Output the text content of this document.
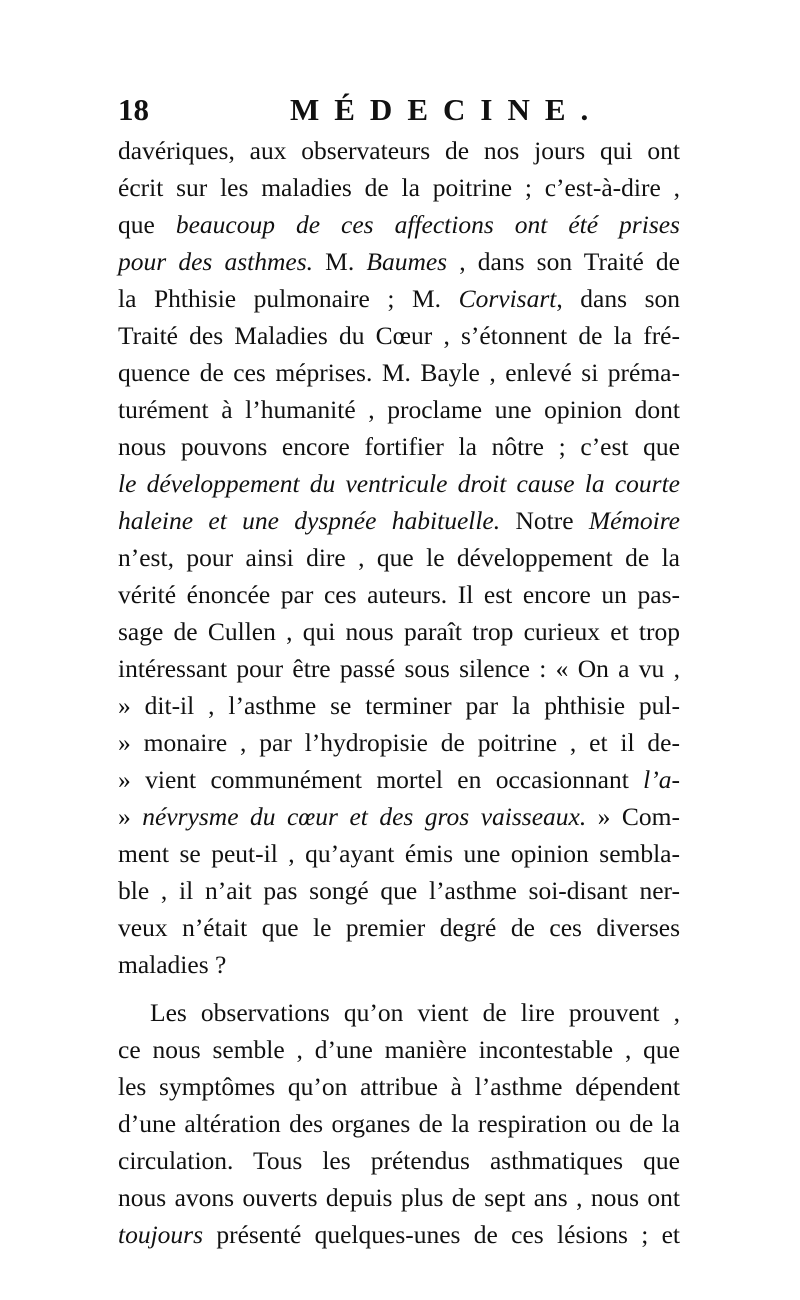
18	MÉDECINE.
davériques, aux observateurs de nos jours qui ont
écrit sur les maladies de la poitrine ; c’est-à-dire ,
que beaucoup de ces affections ont été prises
pour des asthmes. M. Baumes , dans son Traité de
la Phthisie pulmonaire ; M. Corvisart, dans son
Traité des Maladies du Cœur , s’étonnent de la fré-
quence de ces méprises. M. Bayle , enlevé si préma-
turément à l’humanité , proclame une opinion dont
nous pouvons encore fortifier la nôtre ; c’est que
le développement du ventricule droit cause la courte
haleine et une dyspnée habituelle. Notre Mémoire
n’est, pour ainsi dire , que le développement de la
vérité énoncée par ces auteurs. Il est encore un pas-
sage de Cullen , qui nous paraît trop curieux et trop
intéressant pour être passé sous silence : « On a vu ,
» dit-il , l’asthme se terminer par la phthisie pul-
» monaire , par l’hydropisie de poitrine , et il de-
» vient communément mortel en occasionnant l’a-
» névrysme du cœur et des gros vaisseaux. » Com-
ment se peut-il , qu’ayant émis une opinion sembla-
ble , il n’ait pas songé que l’asthme soi-disant ner-
veux n’était que le premier degré de ces diverses
maladies ?
Les observations qu’on vient de lire prouvent ,
ce nous semble , d’une manière incontestable , que
les symptômes qu’on attribue à l’asthme dépendent
d’une altération des organes de la respiration ou de la
circulation. Tous les prétendus asthmatiques que
nous avons ouverts depuis plus de sept ans , nous ont
toujours présenté quelques-unes de ces lésions ; et
